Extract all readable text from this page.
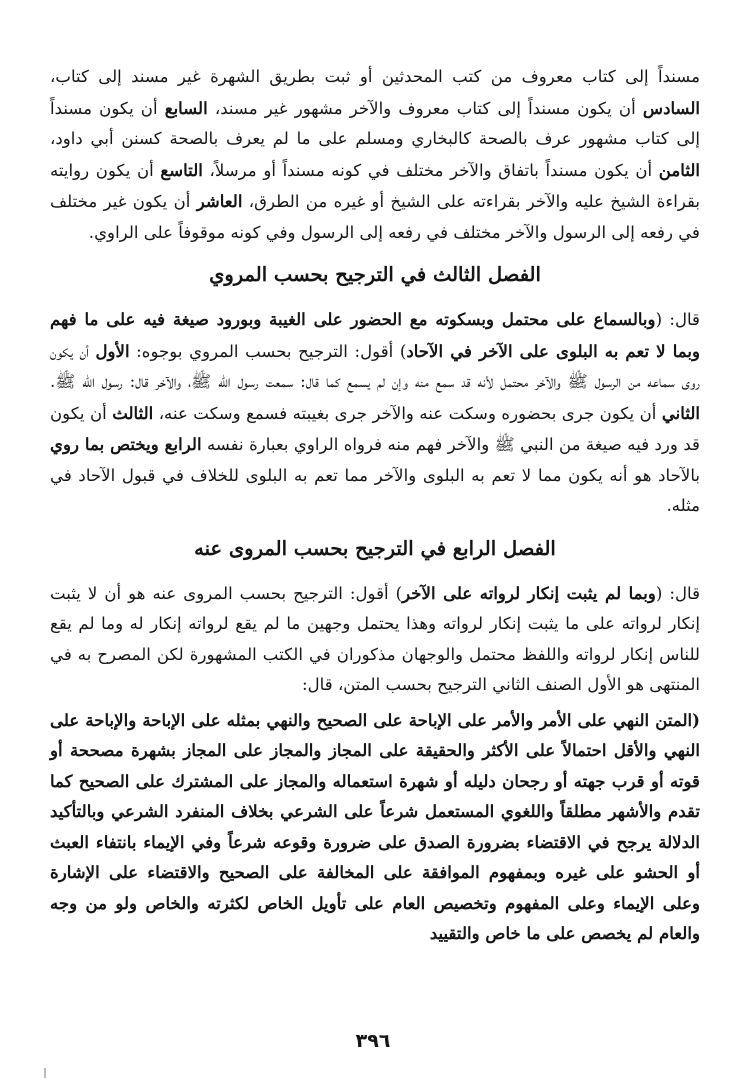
مسنداً إلى كتاب معروف من كتب المحدثين أو ثبت بطريق الشهرة غير مسند إلى كتاب، السادس أن يكون مسنداً إلى كتاب معروف والآخر مشهور غير مسند، السابع أن يكون مسنداً إلى كتاب مشهور عرف بالصحة كالبخاري ومسلم على ما لم يعرف بالصحة كسنن أبي داود، الثامن أن يكون مسنداً باتفاق والآخر مختلف في كونه مسنداً أو مرسلاً، التاسع أن يكون روايته بقراءة الشيخ عليه والآخر بقراءته على الشيخ أو غيره من الطرق، العاشر أن يكون غير مختلف في رفعه إلى الرسول والآخر مختلف في رفعه إلى الرسول وفي كونه موقوفاً على الراوي.

الفصل الثالث في الترجيح بحسب المروي

قال: (وبالسماع على محتمل وبسكوته مع الحضور على الغيبة وبورود صيغة فيه على ما فهم وبما لا تعم به البلوى على الآخر في الآحاد) أقول: الترجيح بحسب المروي بوجوه: الأول أن يكون روى سماعه من الرسول ﷺ والآخر محتمل لأنه قد سمع منه وإن لم يسمع كما قال: سمعت رسول الله ﷺ، والآخر قال: رسول الله ﷺ. الثاني أن يكون جرى بحضوره وسكت عنه والآخر جرى بغيبته فسمع وسكت عنه، الثالث أن يكون قد ورد فيه صيغة من النبي ﷺ والآخر فهم منه فرواه الراوي بعبارة نفسه الرابع ويختص بما روي بالآحاد هو أنه يكون مما لا تعم به البلوى والآخر مما تعم به البلوى للخلاف في قبول الآحاد في مثله.

الفصل الرابع في الترجيح بحسب المروى عنه

قال: (وبما لم يثبت إنكار لرواته على الآخر) أقول: الترجيح بحسب المروى عنه هو أن لا يثبت إنكار لرواته على ما يثبت إنكار لرواته وهذا يحتمل وجهين ما لم يقع لرواته إنكار له وما لم يقع للناس إنكار لرواته واللفظ محتمل والوجهان مذكوران في الكتب المشهورة لكن المصرح به في المنتهى هو الأول الصنف الثاني الترجيح بحسب المتن، قال:

(المتن النهي على الأمر والأمر على الإباحة على الصحيح والنهي بمثله على الإباحة والإباحة على النهي والأقل احتمالاً على الأكثر والحقيقة على المجاز والمجاز على المجاز بشهرة مصححة أو قوته أو قرب جهته أو رجحان دليله أو شهرة استعماله والمجاز على المشترك على الصحيح كما تقدم والأشهر مطلقاً واللغوي المستعمل شرعاً على الشرعي بخلاف المنفرد الشرعي وبالتأكيد الدلالة يرجح في الاقتضاء بضرورة الصدق على ضرورة وقوعه شرعاً وفي الإيماء بانتفاء العبث أو الحشو على غيره وبمفهوم الموافقة على المخالفة على الصحيح والاقتضاء على الإشارة وعلى الإيماء وعلى المفهوم وتخصيص العام على تأويل الخاص لكثرته والخاص ولو من وجه والعام لم يخصص على ما خاص والتقييد

٣٩٦
